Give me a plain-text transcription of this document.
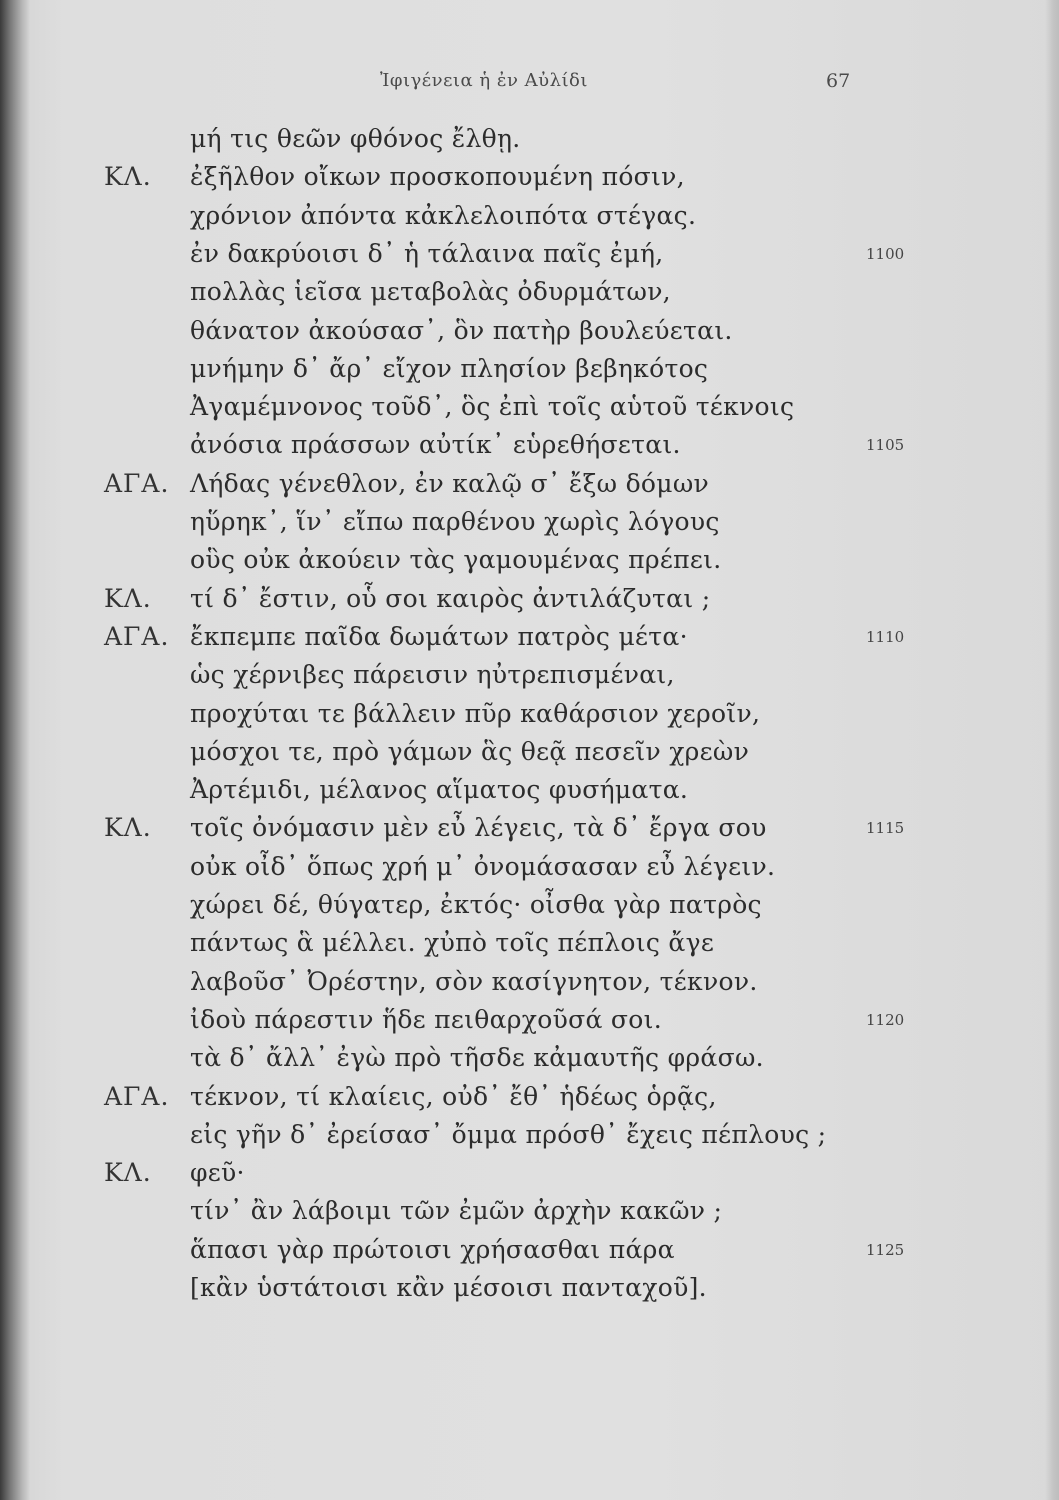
Ἰφιγένεια ἡ ἐν Αὐλίδι	67
μή τις θεῶν φθόνος ἔλθῃ.
ΚΛ. ἐξῆλθον οἴκων προσκοπουμένη πόσιν,
χρόνιον ἀπόντα κἀκλελοιπότα στέγας.
ἐν δακρύοισι δ᾽ ἡ τάλαινα παῖς ἐμή,	1100
πολλὰς ἱεῖσα μεταβολὰς ὀδυρμάτων,
θάνατον ἀκούσασ᾽, ὃν πατὴρ βουλεύεται.
μνήμην δ᾽ ἄρ᾽ εἴχον πλησίον βεβηκότος
Ἀγαμέμνονος τοῦδ᾽, ὃς ἐπὶ τοῖς αὑτοῦ τέκνοις
ἀνόσια πράσσων αὐτίκ᾽ εὑρεθήσεται.	1105
ΑΓΑ. Λήδας γένεθλον, ἐν καλῷ σ᾽ ἔξω δόμων
ηὕρηκ᾽, ἵν᾽ εἴπω παρθένου χωρὶς λόγους
οὓς οὐκ ἀκούειν τὰς γαμουμένας πρέπει.
ΚΛ. τί δ᾽ ἔστιν, οὗ σοι καιρὸς ἀντιλάζυται ;
ΑΓΑ. ἔκπεμπε παῖδα δωμάτων πατρὸς μέτα·	1110
ὡς χέρνιβες πάρεισιν ηὐτρεπισμέναι,
προχύται τε βάλλειν πῦρ καθάρσιον χεροῖν,
μόσχοι τε, πρὸ γάμων ἃς θεᾷ πεσεῖν χρεὼν
Ἀρτέμιδι, μέλανος αἵματος φυσήματα.
ΚΛ. τοῖς ὀνόμασιν μὲν εὖ λέγεις, τὰ δ᾽ ἔργα σου	1115
οὐκ οἶδ᾽ ὅπως χρή μ᾽ ὀνομάσασαν εὖ λέγειν.
χώρει δέ, θύγατερ, ἐκτός· οἶσθα γὰρ πατρὸς
πάντως ἃ μέλλει. χὐπὸ τοῖς πέπλοις ἄγε
λαβοῦσ᾽ Ὀρέστην, σὸν κασίγνητον, τέκνον.
ἰδοὺ πάρεστιν ἥδε πειθαρχοῦσά σοι.	1120
τὰ δ᾽ ἄλλ᾽ ἐγὼ πρὸ τῆσδε κἀμαυτῆς φράσω.
ΑΓΑ. τέκνον, τί κλαίεις, οὐδ᾽ ἔθ᾽ ἡδέως ὁρᾷς,
εἰς γῆν δ᾽ ἐρείσασ᾽ ὄμμα πρόσθ᾽ ἔχεις πέπλους ;
ΚΛ. φεῦ·
τίν᾽ ἂν λάβοιμι τῶν ἐμῶν ἀρχὴν κακῶν ;
ἅπασι γὰρ πρώτοισι χρήσασθαι πάρα	1125
[κἂν ὑστάτοισι κἂν μέσοισι πανταχοῦ].
